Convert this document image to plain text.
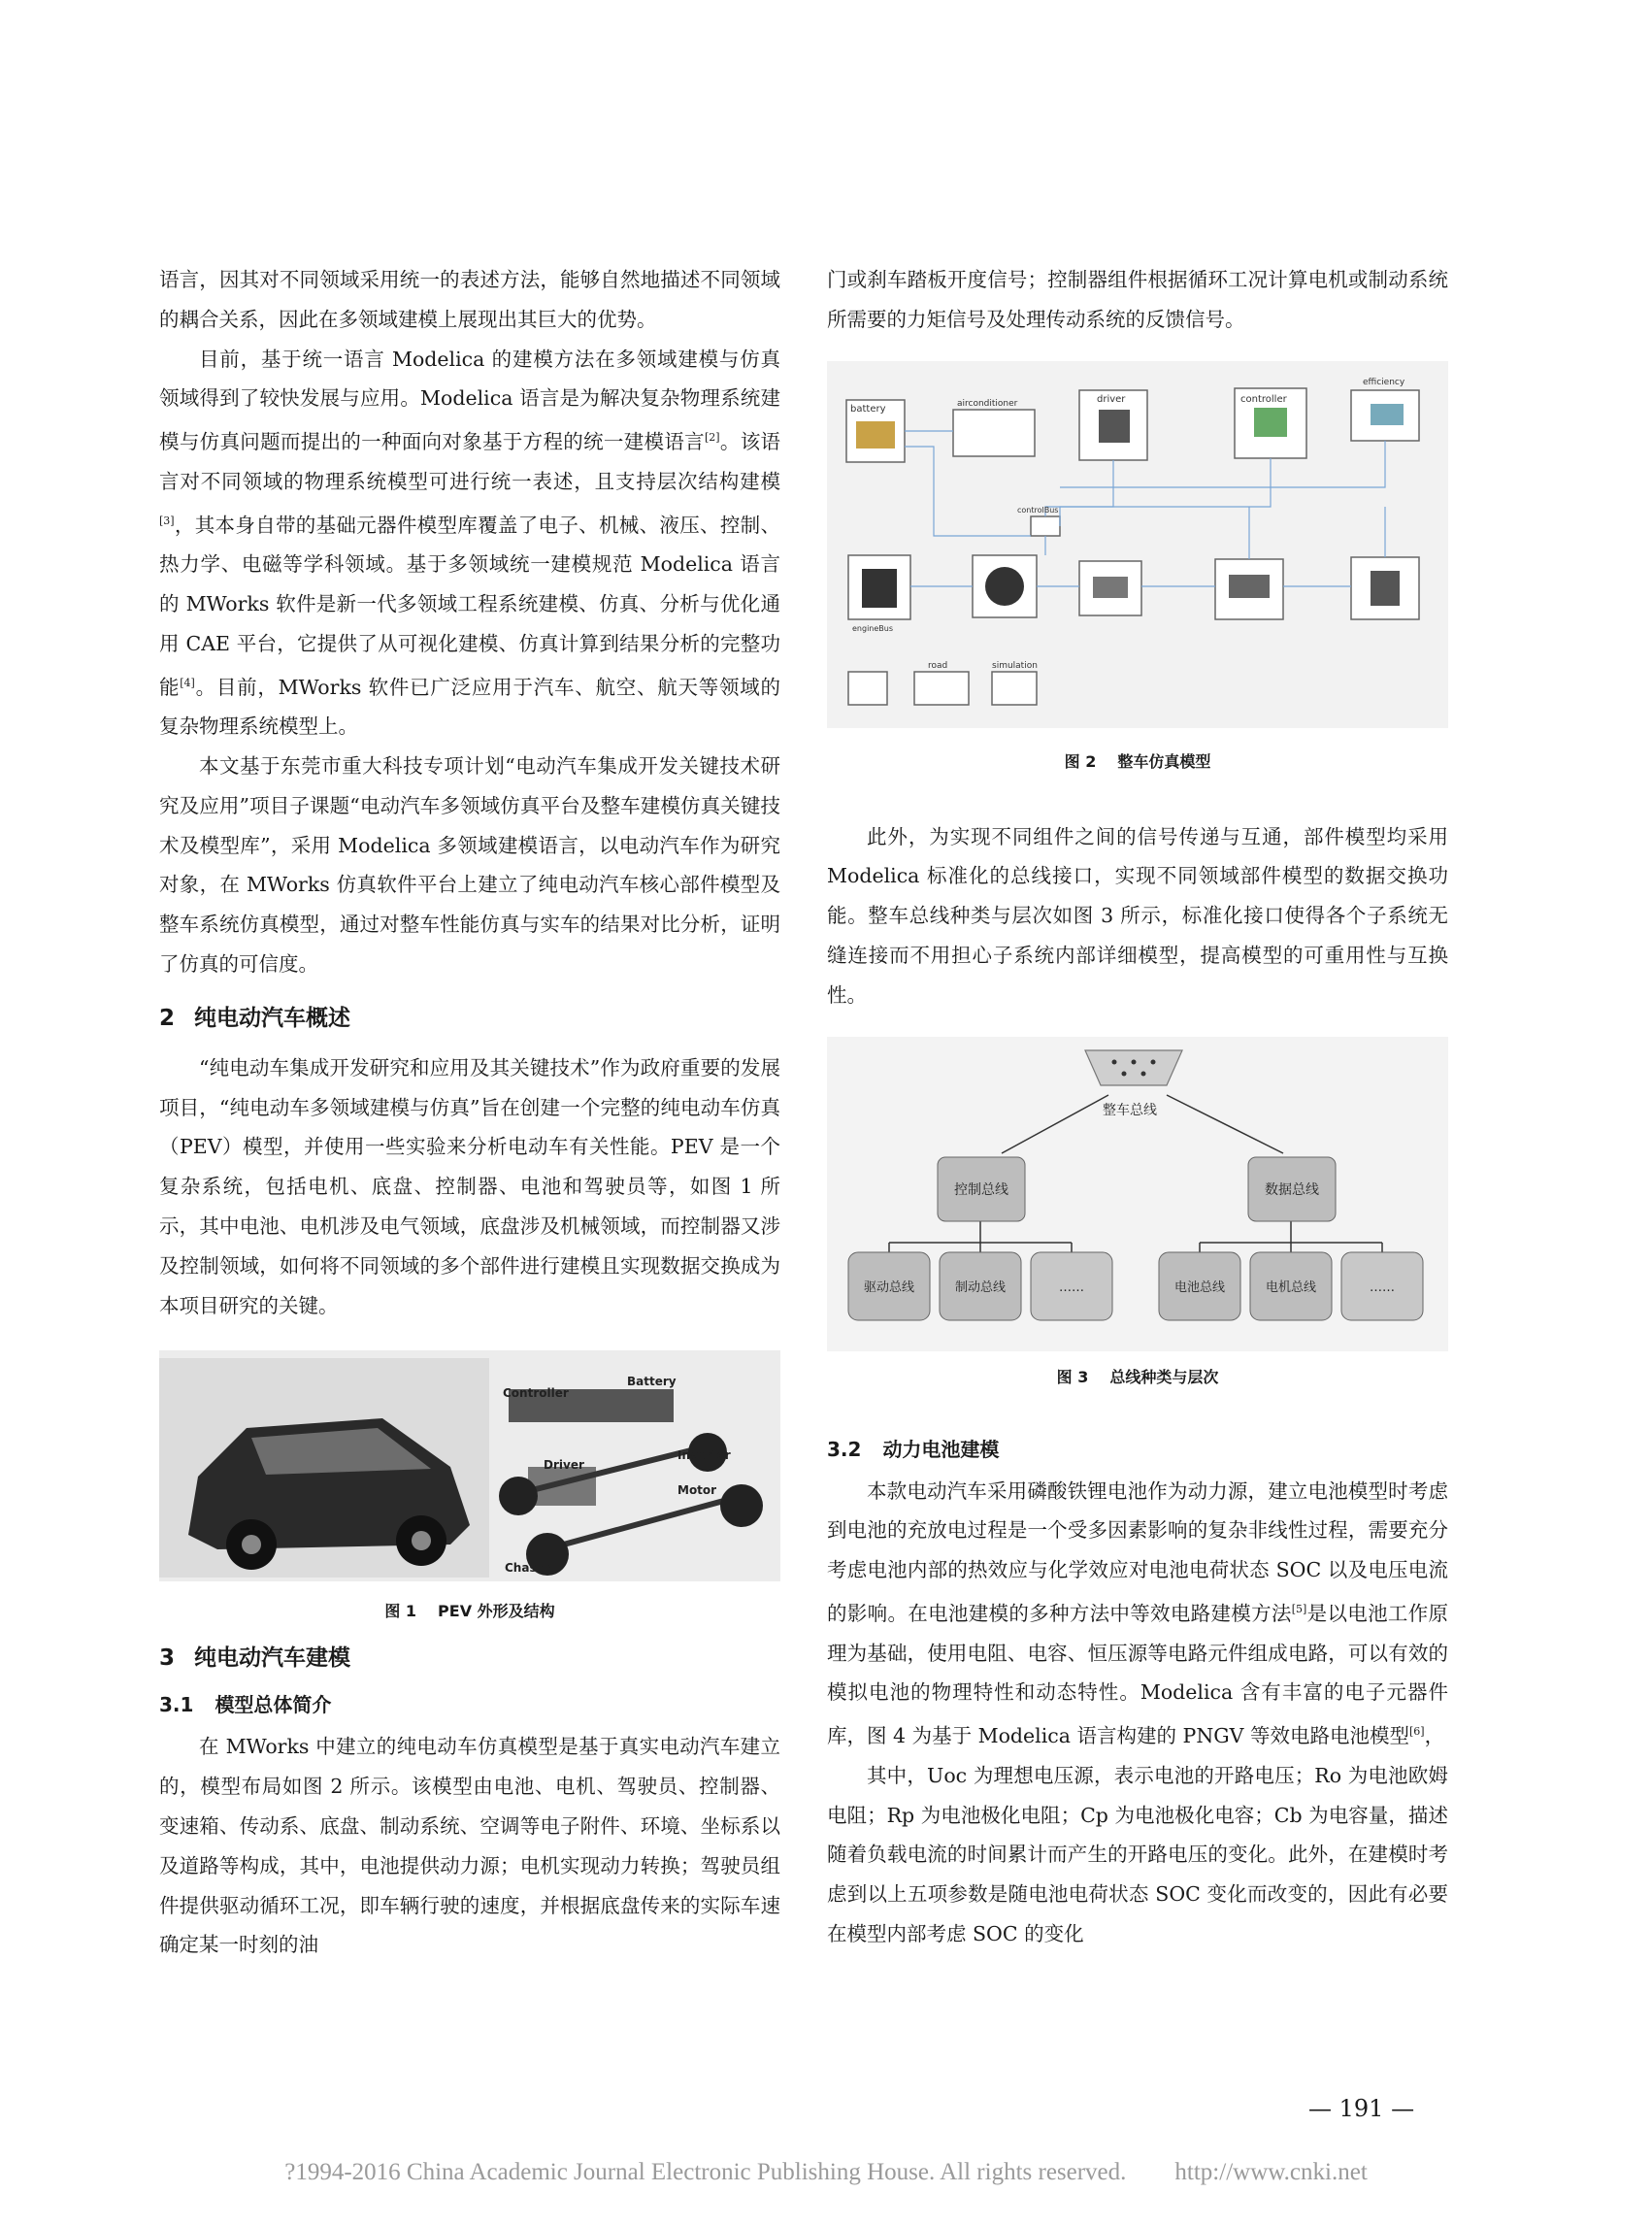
语言，因其对不同领域采用统一的表述方法，能够自然地描述不同领域的耦合关系，因此在多领域建模上展现出其巨大的优势。

目前，基于统一语言 Modelica 的建模方法在多领域建模与仿真领域得到了较快发展与应用。Modelica 语言是为解决复杂物理系统建模与仿真问题而提出的一种面向对象基于方程的统一建模语言[2]。该语言对不同领域的物理系统模型可进行统一表述，且支持层次结构建模[3]，其本身自带的基础元器件模型库覆盖了电子、机械、液压、控制、热力学、电磁等学科领域。基于多领域统一建模规范 Modelica 语言的 MWorks 软件是新一代多领域工程系统建模、仿真、分析与优化通用 CAE 平台，它提供了从可视化建模、仿真计算到结果分析的完整功能[4]。目前，MWorks 软件已广泛应用于汽车、航空、航天等领域的复杂物理系统模型上。

本文基于东莞市重大科技专项计划“电动汽车集成开发关键技术研究及应用”项目子课题“电动汽车多领域仿真平台及整车建模仿真关键技术及模型库”，采用 Modelica 多领域建模语言，以电动汽车作为研究对象，在 MWorks 仿真软件平台上建立了纯电动汽车核心部件模型及整车系统仿真模型，通过对整车性能仿真与实车的结果对比分析，证明了仿真的可信度。

2 纯电动汽车概述

“纯电动车集成开发研究和应用及其关键技术”作为政府重要的发展项目，“纯电动车多领域建模与仿真”旨在创建一个完整的纯电动车仿真（PEV）模型，并使用一些实验来分析电动车有关性能。PEV 是一个复杂系统，包括电机、底盘、控制器、电池和驾驶员等，如图 1 所示，其中电池、电机涉及电气领域，底盘涉及机械领域，而控制器又涉及控制领域，如何将不同领域的多个部件进行建模且实现数据交换成为本项目研究的关键。

Controller
Battery
Driver
Inverter
Motor
Chassis
图 1 PEV 外形及结构
3 纯电动汽车建模
3.1 模型总体简介

在 MWorks 中建立的纯电动车仿真模型是基于真实电动汽车建立的，模型布局如图 2 所示。该模型由电池、电机、驾驶员、控制器、变速箱、传动系、底盘、制动系统、空调等电子附件、环境、坐标系以及道路等构成，其中，电池提供动力源；电机实现动力转换；驾驶员组件提供驱动循环工况，即车辆行驶的速度，并根据底盘传来的实际车速确定某一时刻的油

门或刹车踏板开度信号；控制器组件根据循环工况计算电机或制动系统所需要的力矩信号及处理传动系统的反馈信号。

battery	airconditioner	driver	controller
efficiency
controlBus
engineBus
road	simulation
图 2 整车仿真模型

此外，为实现不同组件之间的信号传递与互通，部件模型均采用 Modelica 标准化的总线接口，实现不同领域部件模型的数据交换功能。整车总线种类与层次如图 3 所示，标准化接口使得各个子系统无缝连接而不用担心子系统内部详细模型，提高模型的可重用性与互换性。

整车总线
控制总线	数据总线
驱动总线	制动总线	……	电池总线	电机总线	……
图 3 总线种类与层次
3.2 动力电池建模

本款电动汽车采用磷酸铁锂电池作为动力源，建立电池模型时考虑到电池的充放电过程是一个受多因素影响的复杂非线性过程，需要充分考虑电池内部的热效应与化学效应对电池电荷状态 SOC 以及电压电流的影响。在电池建模的多种方法中等效电路建模方法[5]是以电池工作原理为基础，使用电阻、电容、恒压源等电路元件组成电路，可以有效的模拟电池的物理特性和动态特性。Modelica 含有丰富的电子元器件库，图 4 为基于 Modelica 语言构建的 PNGV 等效电路电池模型[6]，

其中，Uoc 为理想电压源，表示电池的开路电压；Ro 为电池欧姆电阻；Rp 为电池极化电阻；Cp 为电池极化电容；Cb 为电容量，描述随着负载电流的时间累计而产生的开路电压的变化。此外，在建模时考虑到以上五项参数是随电池电荷状态 SOC 变化而改变的，因此有必要在模型内部考虑 SOC 的变化

— 191 —
?1994-2016 China Academic Journal Electronic Publishing House. All rights reserved. http://www.cnki.net
